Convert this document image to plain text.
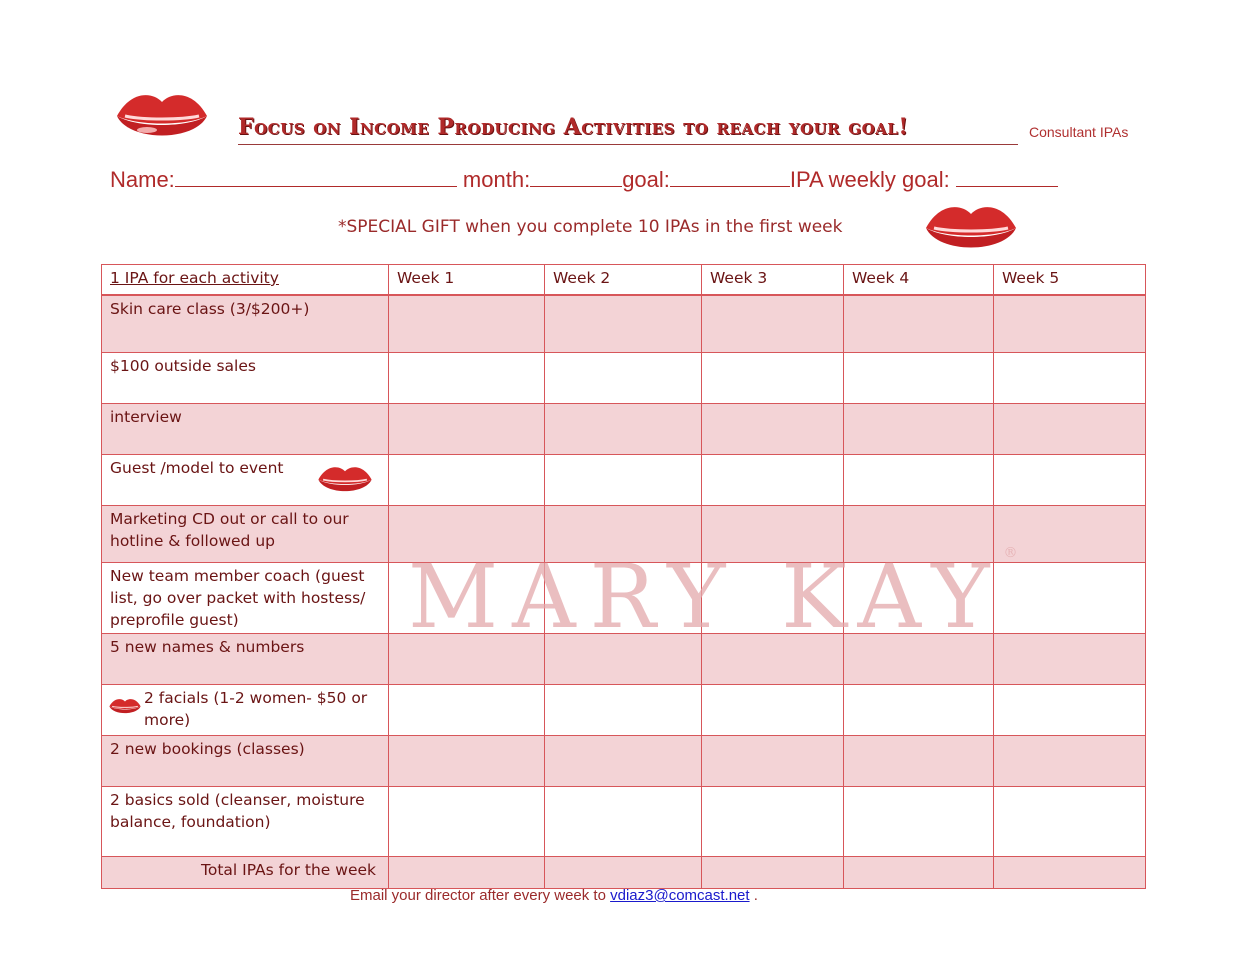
Focus on Income Producing Activities to reach your goal!	Consultant IPAs
Name:	month:	goal:	IPA weekly goal:
*SPECIAL GIFT when you complete 10 IPAs in the first week
1 IPA for each activity	Week 1	Week 2	Week 3	Week 4	Week 5
Skin care class (3/$200+)					
$100 outside sales					
interview					
Guest /model to event

Marketing CD out or call to our hotline & followed up					
New team member coach (guest list, go over packet with hostess/ preprofile guest)					
5 new names & numbers					

2 facials (1-2 women- $50 or more)					
2 new bookings (classes)					
2 basics sold (cleanser, moisture balance, foundation)					
Total IPAs for the week					
MARY KAY®
Email your director after every week to vdiaz3@comcast.net .
